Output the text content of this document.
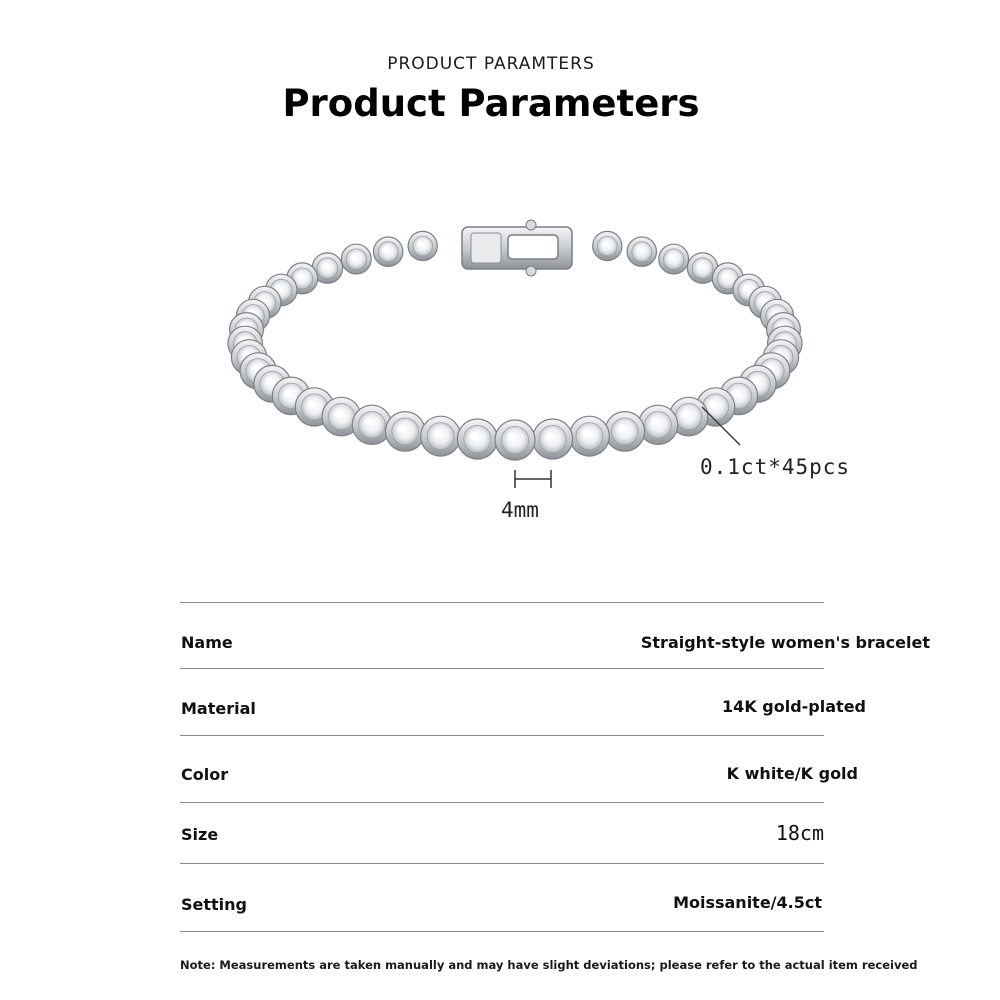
PRODUCT PARAMTERS
Product Parameters
0.1ct*45pcs
4mm
Name	Straight-style women's bracelet
Material	14K gold-plated
Color	K white/K gold
Size	18cm
Setting	Moissanite/4.5ct
Note: Measurements are taken manually and may have slight deviations; please refer to the actual item received
